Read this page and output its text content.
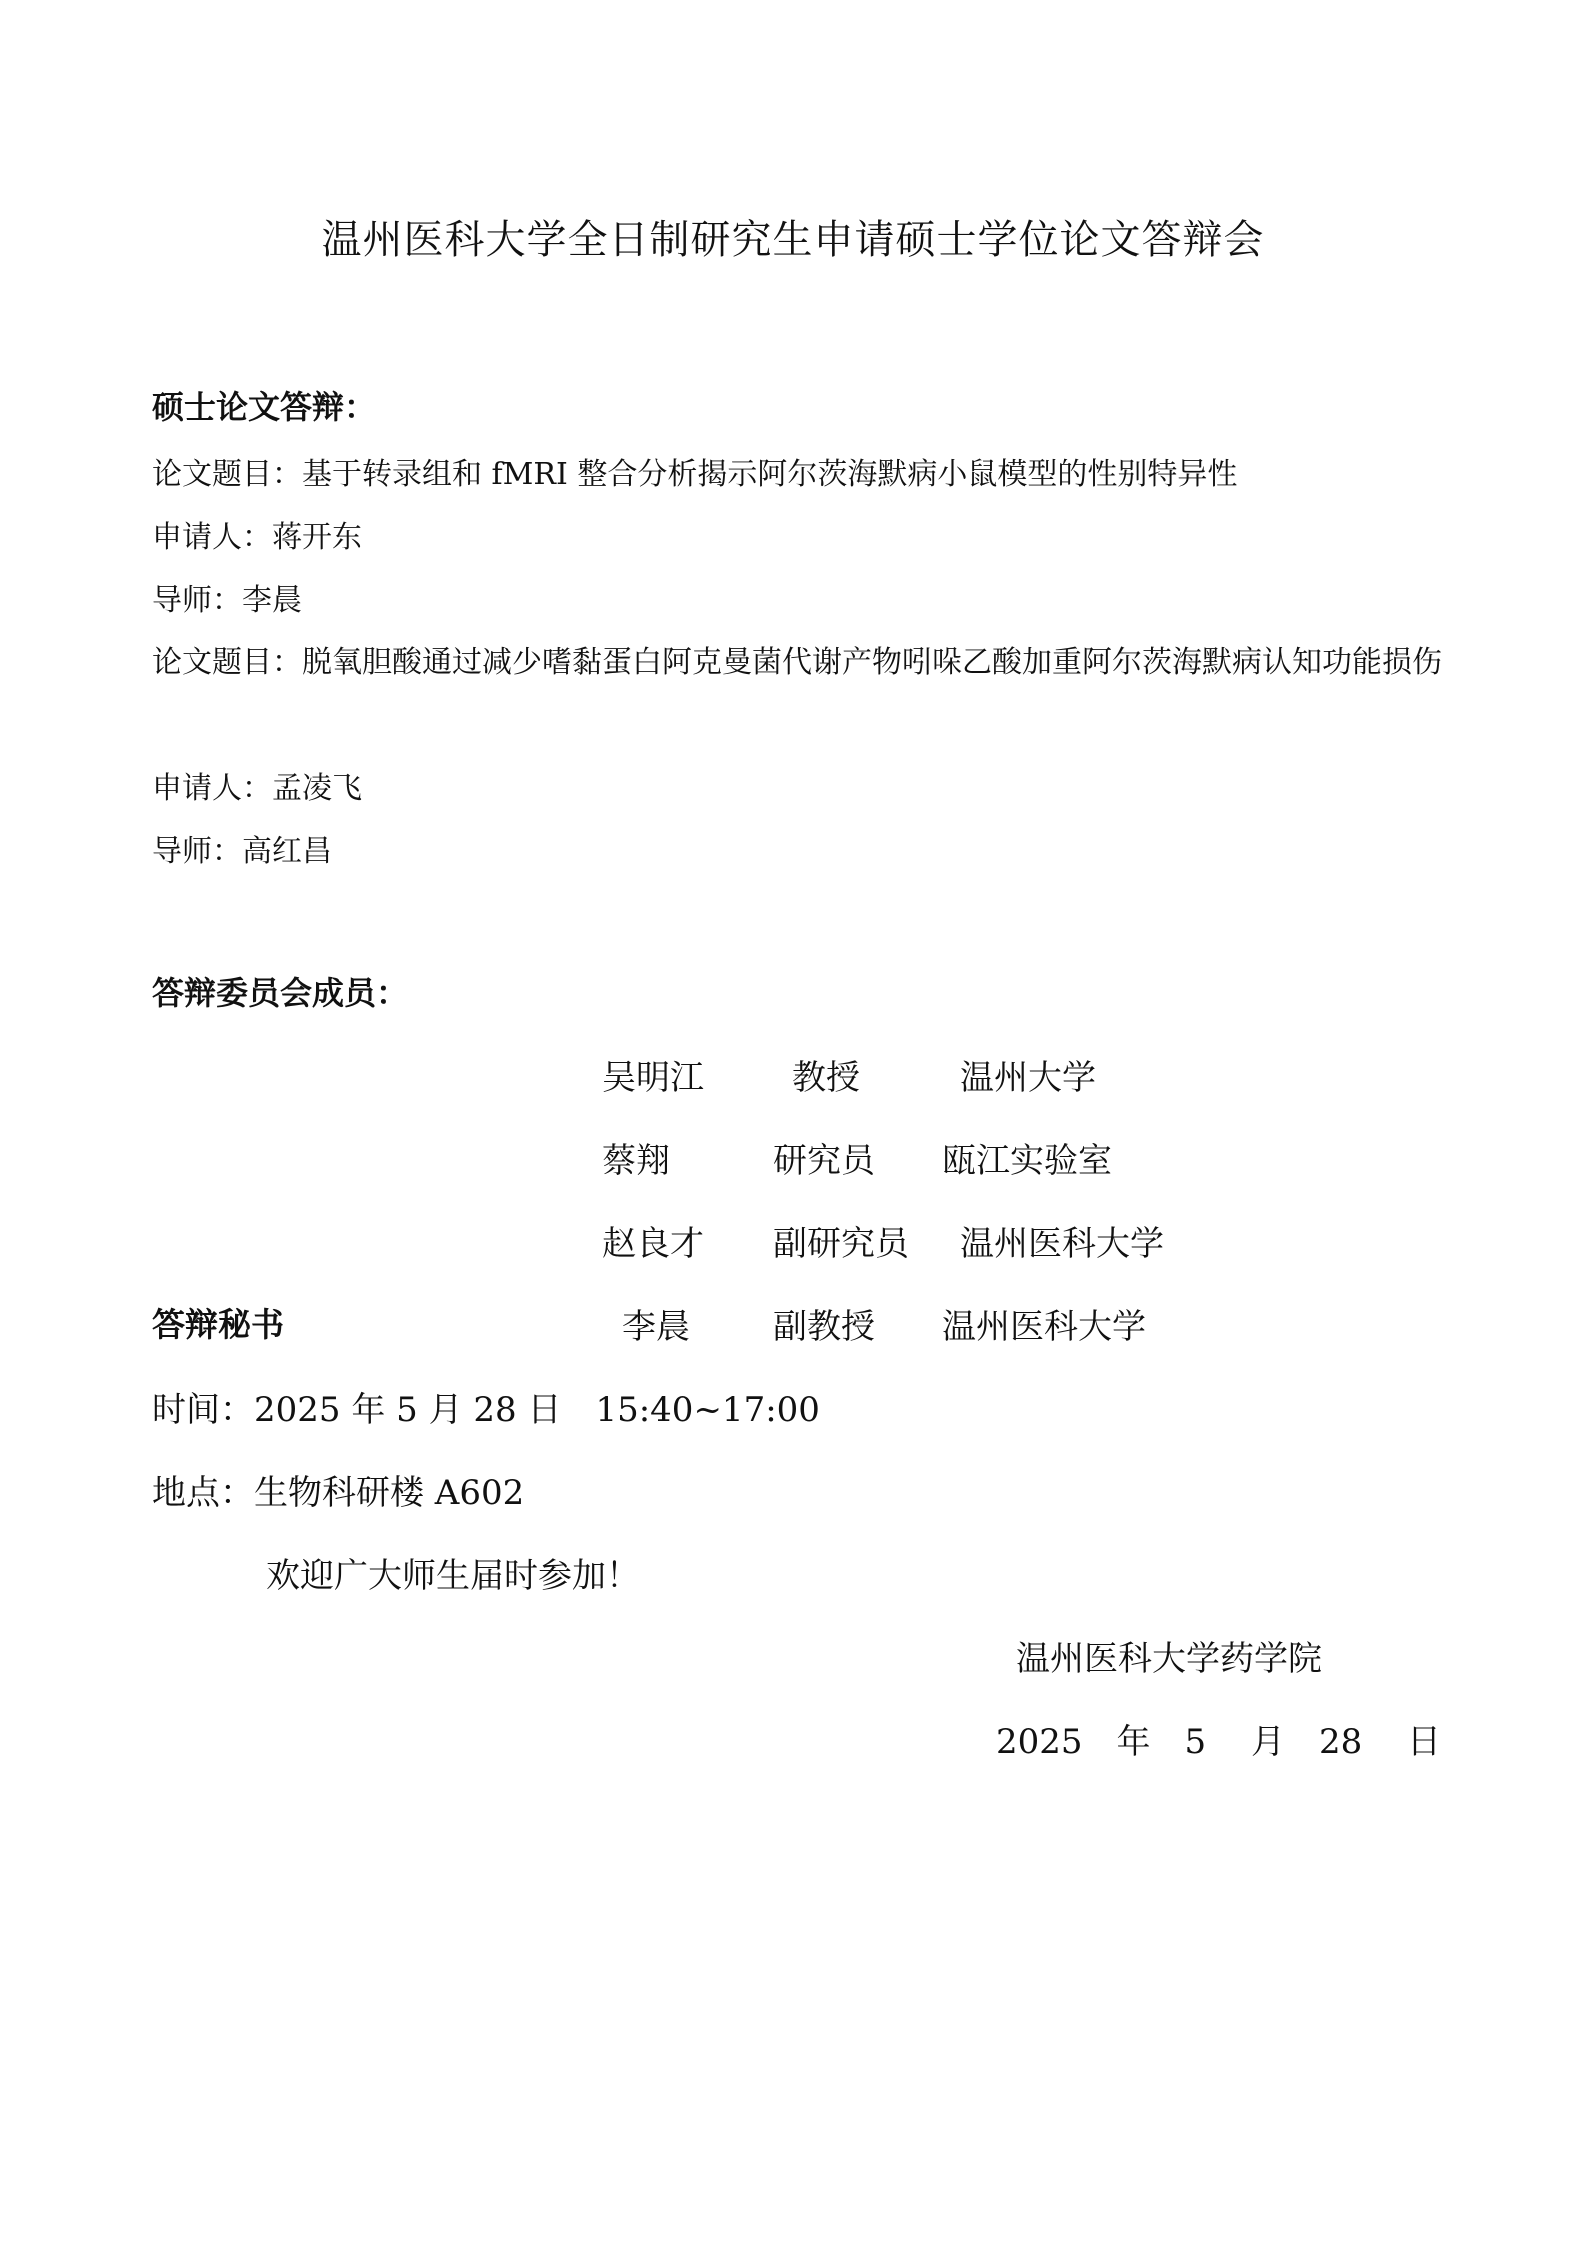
温州医科大学全日制研究生申请硕士学位论文答辩会
硕士论文答辩：
论文题目：基于转录组和 fMRI 整合分析揭示阿尔茨海默病小鼠模型的性别特异性
申请人：蒋开东
导师：李晨
论文题目：脱氧胆酸通过减少嗜黏蛋白阿克曼菌代谢产物吲哚乙酸加重阿尔茨海默病认知功能损伤
申请人：孟凌飞
导师：高红昌
答辩委员会成员：
吴明江	教授	温州大学
蔡翔	研究员 瓯江实验室
赵良才 副研究员 温州医科大学
答辩秘书	李晨 副教授 温州医科大学
时间：2025 年 5 月 28 日　15:40~17:00
地点：生物科研楼 A602
欢迎广大师生届时参加！
温州医科大学药学院
2025　年　5　 月　28　 日
